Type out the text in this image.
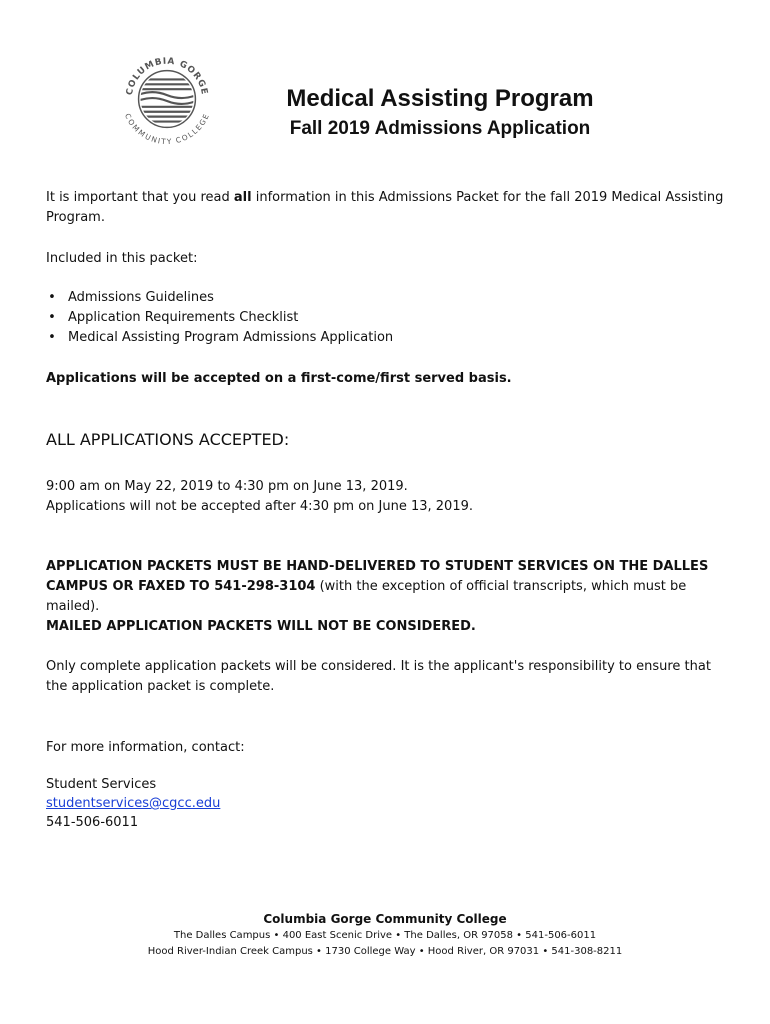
COLUMBIA GORGE
COMMUNITY COLLEGE
Medical Assisting Program
Fall 2019 Admissions Application

It is important that you read all information in this Admissions Packet for the fall 2019 Medical Assisting Program.

Included in this packet:

• Admissions Guidelines
• Application Requirements Checklist
• Medical Assisting Program Admissions Application

Applications will be accepted on a first-come/first served basis.

ALL APPLICATIONS ACCEPTED:

9:00 am on May 22, 2019 to 4:30 pm on June 13, 2019.

Applications will not be accepted after 4:30 pm on June 13, 2019.

APPLICATION PACKETS MUST BE HAND-DELIVERED TO STUDENT SERVICES ON THE DALLES CAMPUS OR FAXED TO 541-298-3104 (with the exception of official transcripts, which must be mailed).

MAILED APPLICATION PACKETS WILL NOT BE CONSIDERED.

Only complete application packets will be considered. It is the applicant's responsibility to ensure that the application packet is complete.

For more information, contact:

Student Services

studentservices@cgcc.edu

541-506-6011

Columbia Gorge Community College

The Dalles Campus • 400 East Scenic Drive • The Dalles, OR 97058 • 541-506-6011

Hood River-Indian Creek Campus • 1730 College Way • Hood River, OR 97031 • 541-308-8211
